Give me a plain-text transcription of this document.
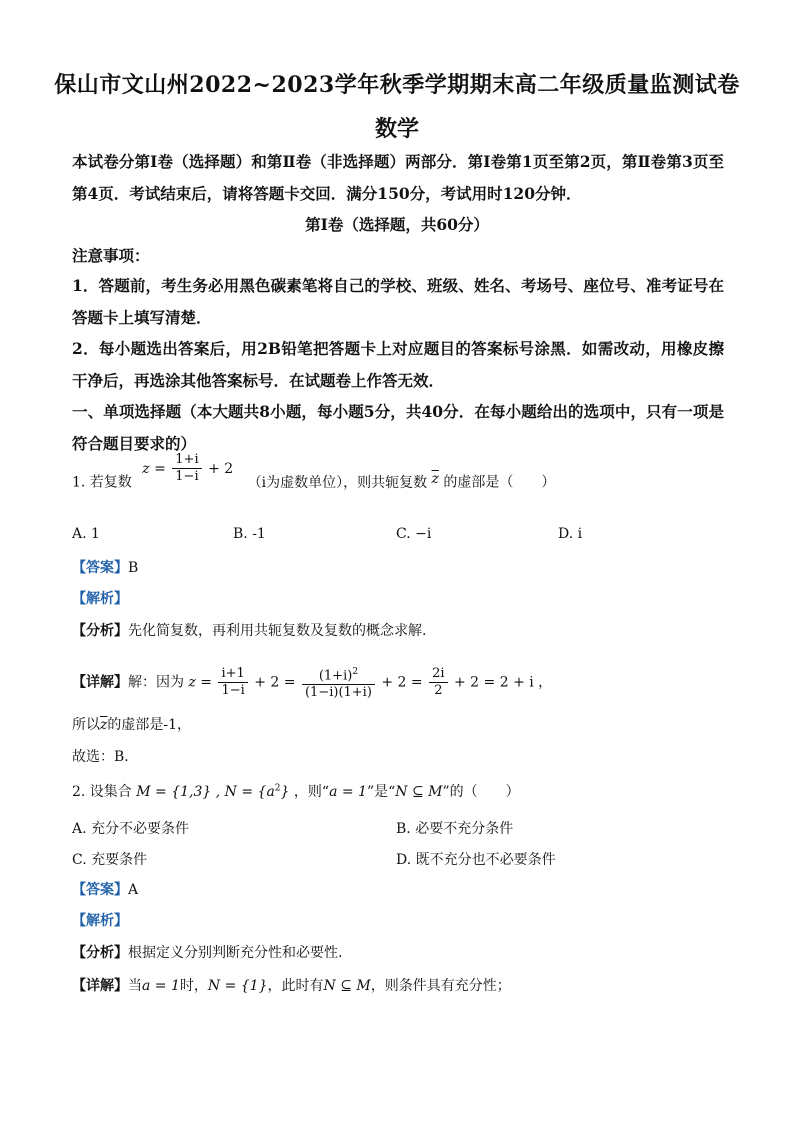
保山市文山州2022~2023学年秋季学期期末高二年级质量监测试卷
数学
本试卷分第Ⅰ卷（选择题）和第Ⅱ卷（非选择题）两部分．第Ⅰ卷第1页至第2页，第Ⅱ卷第3页至第4页．考试结束后，请将答题卡交回．满分150分，考试用时120分钟．
第Ⅰ卷（选择题，共60分）
注意事项：
1．答题前，考生务必用黑色碳素笔将自己的学校、班级、姓名、考场号、座位号、准考证号在答题卡上填写清楚．
2．每小题选出答案后，用2B铅笔把答题卡上对应题目的答案标号涂黑．如需改动，用橡皮擦干净后，再选涂其他答案标号．在试题卷上作答无效．
一、单项选择题（本大题共8小题，每小题5分，共40分．在每小题给出的选项中，只有一项是符合题目要求的）
1. 若复数 $z = \frac{1+i}{1-i} + 2$ （i为虚数单位），则共轭复数 $\overline{z}$ 的虚部是（　　）
A. 1	B. -1	C. −i	D. i
【答案】B
【解析】
【分析】先化简复数，再利用共轭复数及复数的概念求解.
【详解】解：因为 $z = \frac{i+1}{1-i} + 2 = \frac{(1+i)^2}{(1-i)(1+i)} + 2 = \frac{2i}{2} + 2 = 2 + i$ ，
所以$\overline{z}$的虚部是-1，
故选：B．
2. 设集合 M = {1,3} , $N = \{a^2\}$ ，则“a = 1”是“N ⊆ M”的（　　）
A. 充分不必要条件	B. 必要不充分条件
C. 充要条件	D. 既不充分也不必要条件
【答案】A
【解析】
【分析】根据定义分别判断充分性和必要性.
【详解】当a = 1时，N = {1}，此时有N ⊆ M，则条件具有充分性；
